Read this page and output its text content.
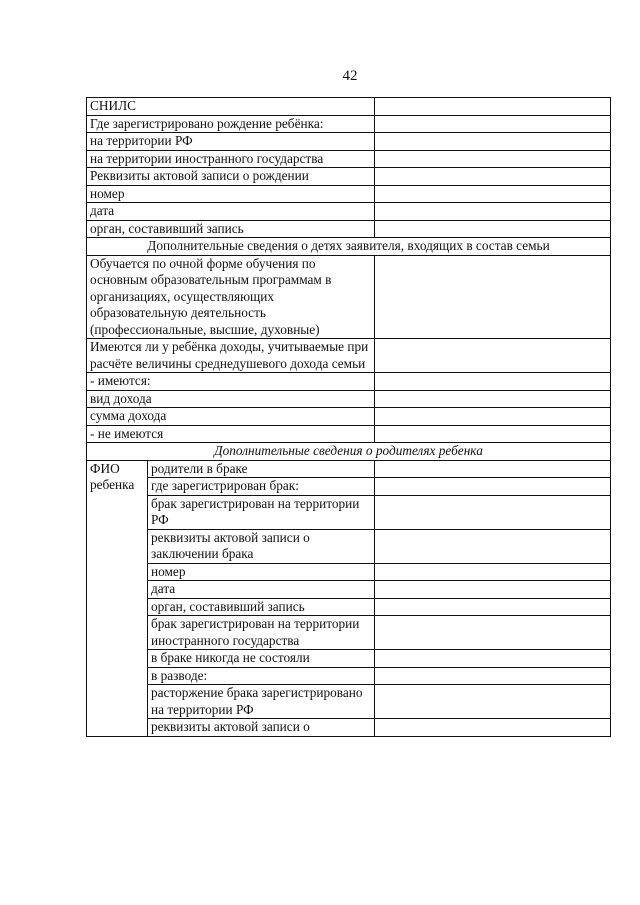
42
СНИЛС		
Где зарегистрировано рождение ребёнка:		
на территории РФ		
на территории иностранного государства		
Реквизиты актовой записи о рождении		
номер		
дата		
орган, составивший запись		
Дополнительные сведения о детях заявителя, входящих в состав семьи		
Обучается по очной форме обучения по основным образовательным программам в организациях, осуществляющих образовательную деятельность (профессиональные, высшие, духовные)		
Имеются ли у ребёнка доходы, учитываемые при расчёте величины среднедушевого дохода семьи		
- имеются:		
вид дохода		
сумма дохода		
- не имеются		
Дополнительные сведения о родителях ребенка		
ФИО ребенка	родители в браке	
	где зарегистрирован брак:	
	брак зарегистрирован на территории РФ	
	реквизиты актовой записи о заключении брака	
	номер	
	дата	
	орган, составивший запись	
	брак зарегистрирован на территории иностранного государства	
	в браке никогда не состояли	
	в разводе:	
	расторжение брака зарегистрировано на территории РФ	
	реквизиты актовой записи о	
